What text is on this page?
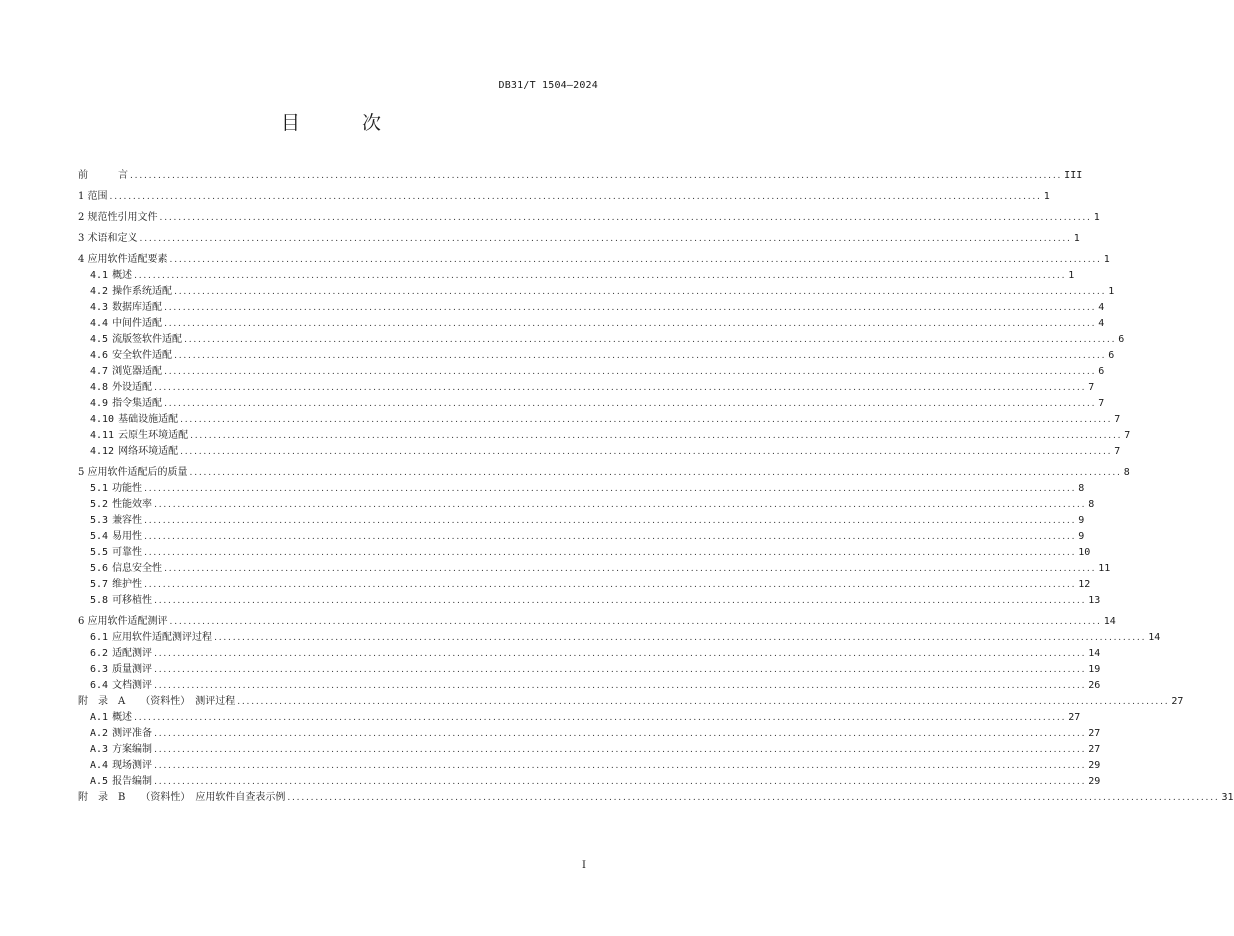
DB31/T 1504—2024
目 次
前　　　言 ........................................................................................................................................................................................................ III
1 范围 ........................................................................................................................................................................................................ 1
2 规范性引用文件 ........................................................................................................................................................................................................ 1
3 术语和定义 ........................................................................................................................................................................................................ 1
4 应用软件适配要素 ........................................................................................................................................................................................................ 1
4.1 概述 ........................................................................................................................................................................................................ 1
4.2 操作系统适配 ........................................................................................................................................................................................................ 1
4.3 数据库适配 ........................................................................................................................................................................................................ 4
4.4 中间件适配 ........................................................................................................................................................................................................ 4
4.5 流版签软件适配 ........................................................................................................................................................................................................ 6
4.6 安全软件适配 ........................................................................................................................................................................................................ 6
4.7 浏览器适配 ........................................................................................................................................................................................................ 6
4.8 外设适配 ........................................................................................................................................................................................................ 7
4.9 指令集适配 ........................................................................................................................................................................................................ 7
4.10 基础设施适配 ........................................................................................................................................................................................................ 7
4.11 云原生环境适配 ........................................................................................................................................................................................................ 7
4.12 网络环境适配 ........................................................................................................................................................................................................ 7
5 应用软件适配后的质量 ........................................................................................................................................................................................................ 8
5.1 功能性 ........................................................................................................................................................................................................ 8
5.2 性能效率 ........................................................................................................................................................................................................ 8
5.3 兼容性 ........................................................................................................................................................................................................ 9
5.4 易用性 ........................................................................................................................................................................................................ 9
5.5 可靠性 ........................................................................................................................................................................................................ 10
5.6 信息安全性 ........................................................................................................................................................................................................ 11
5.7 维护性 ........................................................................................................................................................................................................ 12
5.8 可移植性 ........................................................................................................................................................................................................ 13
6 应用软件适配测评 ........................................................................................................................................................................................................ 14
6.1 应用软件适配测评过程 ........................................................................................................................................................................................................ 14
6.2 适配测评 ........................................................................................................................................................................................................ 14
6.3 质量测评 ........................................................................................................................................................................................................ 19
6.4 文档测评 ........................................................................................................................................................................................................ 26
附　录　A　　（资料性）　测评过程 ........................................................................................................................................................................................................ 27
A.1 概述 ........................................................................................................................................................................................................ 27
A.2 测评准备 ........................................................................................................................................................................................................ 27
A.3 方案编制 ........................................................................................................................................................................................................ 27
A.4 现场测评 ........................................................................................................................................................................................................ 29
A.5 报告编制 ........................................................................................................................................................................................................ 29
附　录　B　　（资料性）　应用软件自查表示例 ........................................................................................................................................................................................................ 31
I
